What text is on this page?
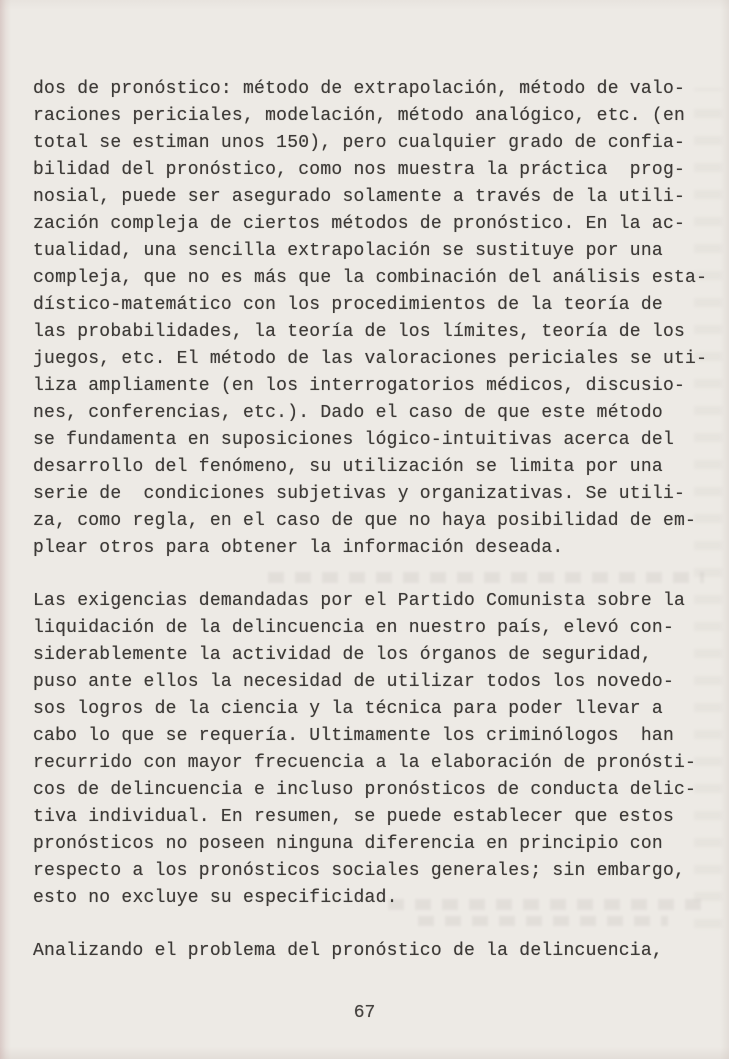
dos de pronóstico: método de extrapolación, método de valo-
raciones periciales, modelación, método analógico, etc. (en
total se estiman unos 150), pero cualquier grado de confia-
bilidad del pronóstico, como nos muestra la práctica  prog-
nosial, puede ser asegurado solamente a través de la utili-
zación compleja de ciertos métodos de pronóstico. En la ac-
tualidad, una sencilla extrapolación se sustituye por una
compleja, que no es más que la combinación del análisis esta-
dístico-matemático con los procedimientos de la teoría de
las probabilidades, la teoría de los límites, teoría de los
juegos, etc. El método de las valoraciones periciales se uti-
liza ampliamente (en los interrogatorios médicos, discusio-
nes, conferencias, etc.). Dado el caso de que este método
se fundamenta en suposiciones lógico-intuitivas acerca del
desarrollo del fenómeno, su utilización se limita por una
serie de  condiciones subjetivas y organizativas. Se utili-
za, como regla, en el caso de que no haya posibilidad de em-
plear otros para obtener la información deseada.
Las exigencias demandadas por el Partido Comunista sobre la
liquidación de la delincuencia en nuestro país, elevó con-
siderablemente la actividad de los órganos de seguridad,
puso ante ellos la necesidad de utilizar todos los novedo-
sos logros de la ciencia y la técnica para poder llevar a
cabo lo que se requería. Ultimamente los criminólogos  han
recurrido con mayor frecuencia a la elaboración de pronósti-
cos de delincuencia e incluso pronósticos de conducta delic-
tiva individual. En resumen, se puede establecer que estos
pronósticos no poseen ninguna diferencia en principio con
respecto a los pronósticos sociales generales; sin embargo,
esto no excluye su especificidad.
Analizando el problema del pronóstico de la delincuencia,
67
